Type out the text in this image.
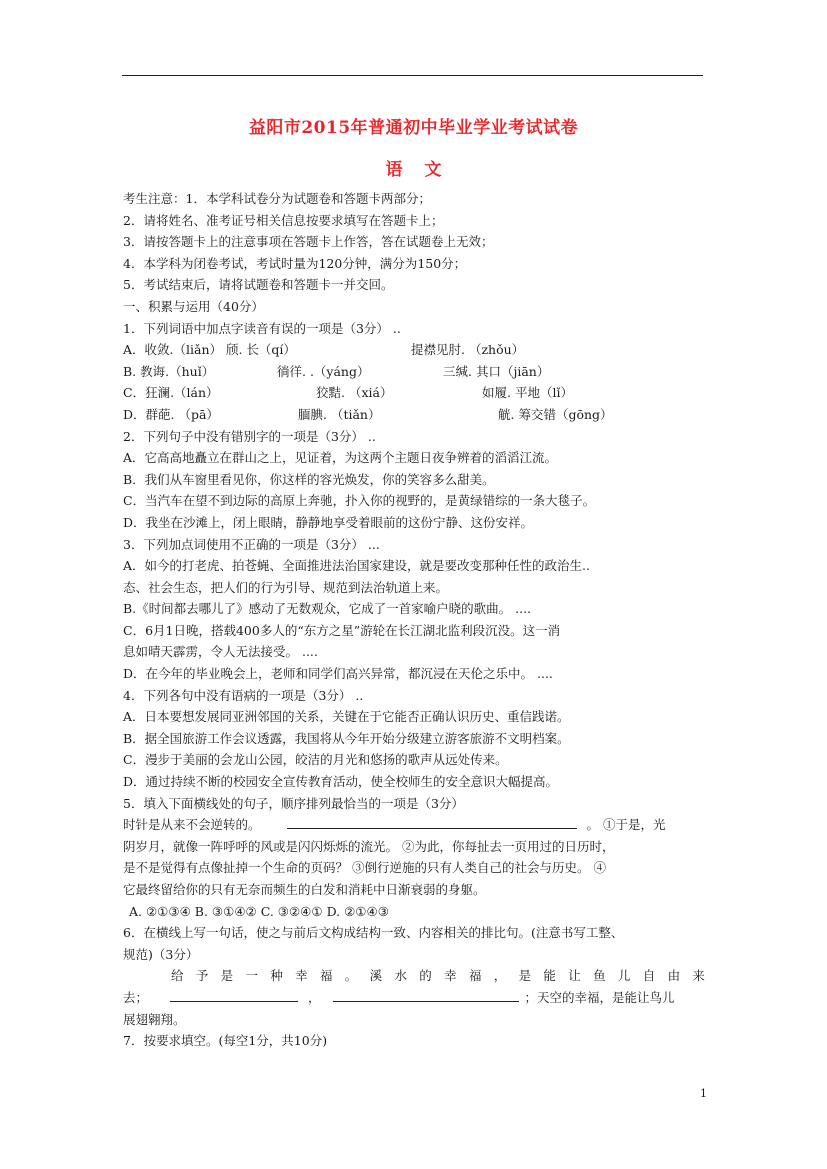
益阳市2015年普通初中毕业学业考试试卷
语 文
考生注意：1．本学科试卷分为试题卷和答题卡两部分；
2．请将姓名、准考证号相关信息按要求填写在答题卡上；
3．请按答题卡上的注意事项在答题卡上作答，答在试题卷上无效；
4．本学科为闭卷考试，考试时量为120分钟，满分为150分；
5．考试结束后，请将试题卷和答题卡一并交回。
一、积累与运用（40分）
1．下列词语中加点字读音有误的一项是（3分） ..
A．收敛.（liǎn） 颀. 长（qí）	提襟见肘. （zhǒu）
B. 教诲.（huǐ）	徜徉. .（yáng）	三缄. 其口（jiān）
C．狂澜.（lán）	狡黠. （xiá）	如履. 平地（lǐ）
D．群葩. （pā）	腼腆. （tiǎn）	觥. 筹交错（gōng）
2．下列句子中没有错别字的一项是（3分） ..
A．它高高地矗立在群山之上，见证着，为这两个主题日夜争辨着的滔滔江流。
B．我们从车窗里看见你，你这样的容光焕发，你的笑容多么甜美。
C．当汽车在望不到边际的高原上奔驰，扑入你的视野的，是黄绿错综的一条大毯子。
D．我坐在沙滩上，闭上眼睛，静静地享受着眼前的这份宁静、这份安祥。
3．下列加点词使用不正确的一项是（3分） ...
A．如今的打老虎、拍苍蝇、全面推进法治国家建设，就是要改变那种任性的政治生..
态、社会生态，把人们的行为引导、规范到法治轨道上来。
B.《时间都去哪儿了》感动了无数观众，它成了一首家喻户晓的歌曲。 ....
C．6月1日晚，搭载400多人的“东方之星”游轮在长江湖北监利段沉没。这一消
息如晴天霹雳，令人无法接受。 ....
D．在今年的毕业晚会上，老师和同学们高兴异常，都沉浸在天伦之乐中。 ....
4．下列各句中没有语病的一项是（3分） ..
A．日本要想发展同亚洲邻国的关系，关键在于它能否正确认识历史、重信践诺。
B．据全国旅游工作会议透露，我国将从今年开始分级建立游客旅游不文明档案。
C．漫步于美丽的会龙山公园，皎洁的月光和悠扬的歌声从远处传来。
D．通过持续不断的校园安全宣传教育活动，使全校师生的安全意识大幅提高。
5．填入下面横线处的句子，顺序排列最恰当的一项是（3分）
时针是从来不会逆转的。	。 ①于是，光
阴岁月，就像一阵呼呼的风或是闪闪烁烁的流光。 ②为此，你每扯去一页用过的日历时，
是不是觉得有点像扯掉一个生命的页码？ ③倒行逆施的只有人类自己的社会与历史。 ④
它最终留给你的只有无奈而频生的白发和消耗中日渐衰弱的身躯。
A. ②①③④ B. ③①④② C. ③②④① D. ②①④③
6．在横线上写一句话，使之与前后文构成结构一致、内容相关的排比句。(注意书写工整、
规范)（3分）
给 予 是 一 种 幸 福 。 溪 水 的 幸 福 ， 是 能 让 鱼 儿 自 由 来
去；	，	；天空的幸福，是能让鸟儿
展翅翱翔。
7．按要求填空。(每空1分，共10分)
1
